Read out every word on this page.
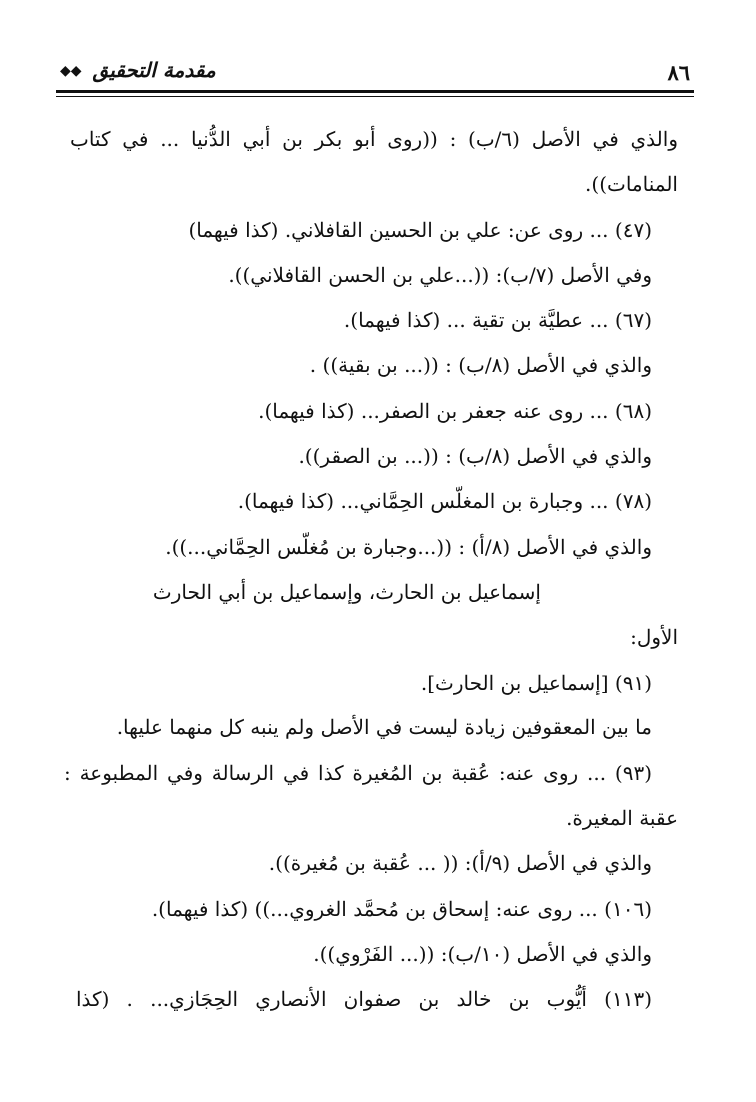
٨٦
مقدمة التحقيق ◆◆
والذي في الأصل (٦/ب) : ((روى أبو بكر بن أبي الدُّنيا ... في كتاب
المنامات)).
(٤٧) ... روى عن: علي بن الحسين القافلاني. (كذا فيهما)
وفي الأصل (٧/ب): ((...علي بن الحسن القافلاني)).
(٦٧) ... عطيَّة بن تقية ... (كذا فيهما).
والذي في الأصل (٨/ب) : ((... بن بقية)) .
(٦٨) ... روى عنه جعفر بن الصفر... (كذا فيهما).
والذي في الأصل (٨/ب) : ((... بن الصقر)).
(٧٨) ... وجبارة بن المغلّس الحِمَّاني... (كذا فيهما).
والذي في الأصل (٨/أ) : ((...وجبارة بن مُغلّس الحِمَّاني...)).
إسماعيل بن الحارث، وإسماعيل بن أبي الحارث
الأول:
(٩١) [إسماعيل بن الحارث].
ما بين المعقوفين زيادة ليست في الأصل ولم ينبه كل منهما عليها.
(٩٣) ... روى عنه: عُقبة بن المُغيرة كذا في الرسالة وفي المطبوعة :
عقبة المغيرة.
والذي في الأصل (٩/أ): (( ... عُقبة بن مُغيرة)).
(١٠٦) ... روى عنه: إسحاق بن مُحمَّد الغروي...)) (كذا فيهما).
والذي في الأصل (١٠/ب): ((... الفَرْوي)).
(١١٣) أيُّوب بن خالد بن صفوان الأنصاري الحِجَازي... . (كذا
